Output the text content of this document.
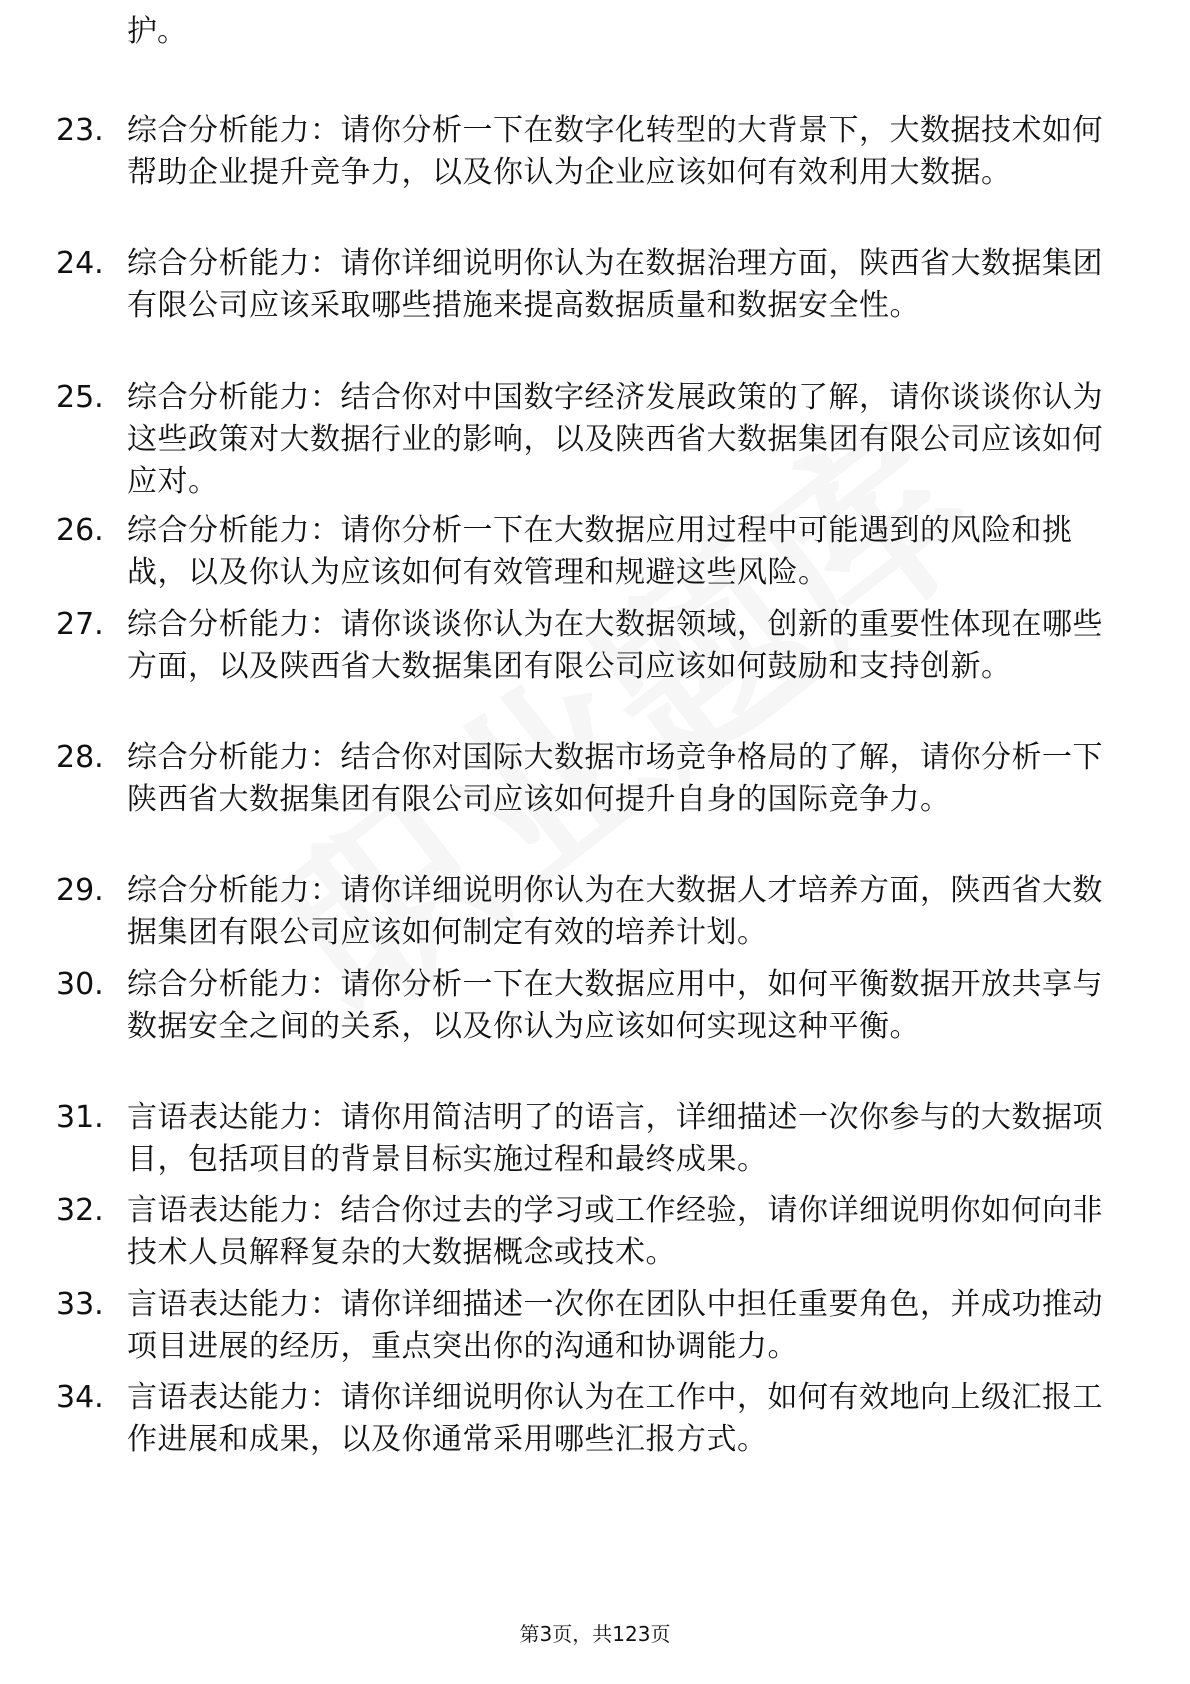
护。
23. 综合分析能力：请你分析一下在数字化转型的大背景下，大数据技术如何帮助企业提升竞争力，以及你认为企业应该如何有效利用大数据。
24. 综合分析能力：请你详细说明你认为在数据治理方面，陕西省大数据集团有限公司应该采取哪些措施来提高数据质量和数据安全性。
25. 综合分析能力：结合你对中国数字经济发展政策的了解，请你谈谈你认为这些政策对大数据行业的影响，以及陕西省大数据集团有限公司应该如何应对。
26. 综合分析能力：请你分析一下在大数据应用过程中可能遇到的风险和挑战，以及你认为应该如何有效管理和规避这些风险。
27. 综合分析能力：请你谈谈你认为在大数据领域，创新的重要性体现在哪些方面，以及陕西省大数据集团有限公司应该如何鼓励和支持创新。
28. 综合分析能力：结合你对国际大数据市场竞争格局的了解，请你分析一下陕西省大数据集团有限公司应该如何提升自身的国际竞争力。
29. 综合分析能力：请你详细说明你认为在大数据人才培养方面，陕西省大数据集团有限公司应该如何制定有效的培养计划。
30. 综合分析能力：请你分析一下在大数据应用中，如何平衡数据开放共享与数据安全之间的关系，以及你认为应该如何实现这种平衡。
31. 言语表达能力：请你用简洁明了的语言，详细描述一次你参与的大数据项目，包括项目的背景目标实施过程和最终成果。
32. 言语表达能力：结合你过去的学习或工作经验，请你详细说明你如何向非技术人员解释复杂的大数据概念或技术。
33. 言语表达能力：请你详细描述一次你在团队中担任重要角色，并成功推动项目进展的经历，重点突出你的沟通和协调能力。
34. 言语表达能力：请你详细说明你认为在工作中，如何有效地向上级汇报工作进展和成果，以及你通常采用哪些汇报方式。
第3页，共123页
